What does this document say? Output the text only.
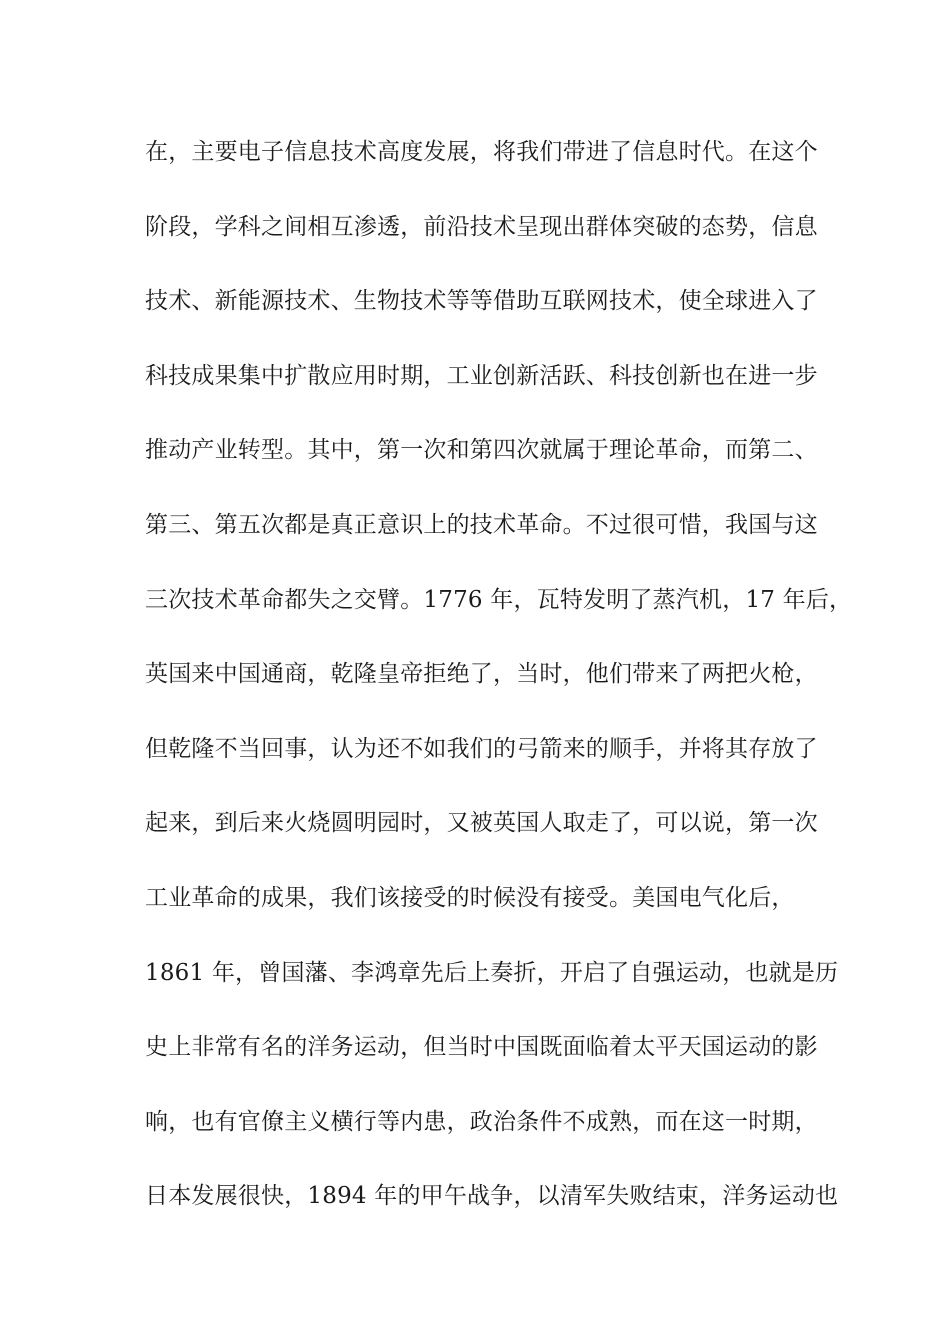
在，主要电子信息技术高度发展，将我们带进了信息时代。在这个
阶段，学科之间相互渗透，前沿技术呈现出群体突破的态势，信息
技术、新能源技术、生物技术等等借助互联网技术，使全球进入了
科技成果集中扩散应用时期，工业创新活跃、科技创新也在进一步
推动产业转型。其中，第一次和第四次就属于理论革命，而第二、
第三、第五次都是真正意识上的技术革命。不过很可惜，我国与这
三次技术革命都失之交臂。1776 年，瓦特发明了蒸汽机，17 年后，
英国来中国通商，乾隆皇帝拒绝了，当时，他们带来了两把火枪，
但乾隆不当回事，认为还不如我们的弓箭来的顺手，并将其存放了
起来，到后来火烧圆明园时，又被英国人取走了，可以说，第一次
工业革命的成果，我们该接受的时候没有接受。美国电气化后，
1861 年，曾国藩、李鸿章先后上奏折，开启了自强运动，也就是历
史上非常有名的洋务运动，但当时中国既面临着太平天国运动的影
响，也有官僚主义横行等内患，政治条件不成熟，而在这一时期，
日本发展很快，1894 年的甲午战争，以清军失败结束，洋务运动也
